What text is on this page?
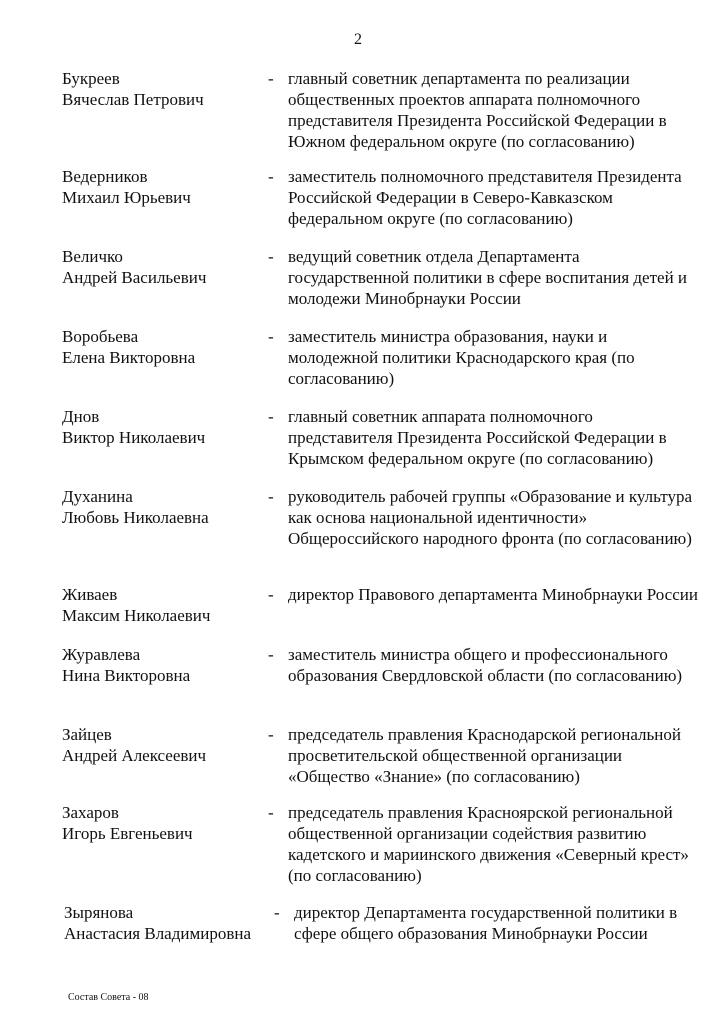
2
Букреев
Вячеслав Петрович
- главный советник департамента по реализации общественных проектов аппарата полномочного представителя Президента Российской Федерации в Южном федеральном округе (по согласованию)
Ведерников
Михаил Юрьевич
- заместитель полномочного представителя Президента Российской Федерации в Северо-Кавказском федеральном округе (по согласованию)
Величко
Андрей Васильевич
- ведущий советник отдела Департамента государственной политики в сфере воспитания детей и молодежи Минобрнауки России
Воробьева
Елена Викторовна
- заместитель министра образования, науки и молодежной политики Краснодарского края (по согласованию)
Днов
Виктор Николаевич
- главный советник аппарата полномочного представителя Президента Российской Федерации в Крымском федеральном округе (по согласованию)
Духанина
Любовь Николаевна
- руководитель рабочей группы «Образование и культура как основа национальной идентичности» Общероссийского народного фронта (по согласованию)
Живаев
Максим Николаевич
- директор Правового департамента Минобрнауки России
Журавлева
Нина Викторовна
- заместитель министра общего и профессионального образования Свердловской области (по согласованию)
Зайцев
Андрей Алексеевич
- председатель правления Краснодарской региональной просветительской общественной организации «Общество «Знание» (по согласованию)
Захаров
Игорь Евгеньевич
- председатель правления Красноярской региональной общественной организации содействия развитию кадетского и мариинского движения «Северный крест» (по согласованию)
Зырянова
Анастасия Владимировна
- директор Департамента государственной политики в сфере общего образования Минобрнауки России
Состав Совета - 08
